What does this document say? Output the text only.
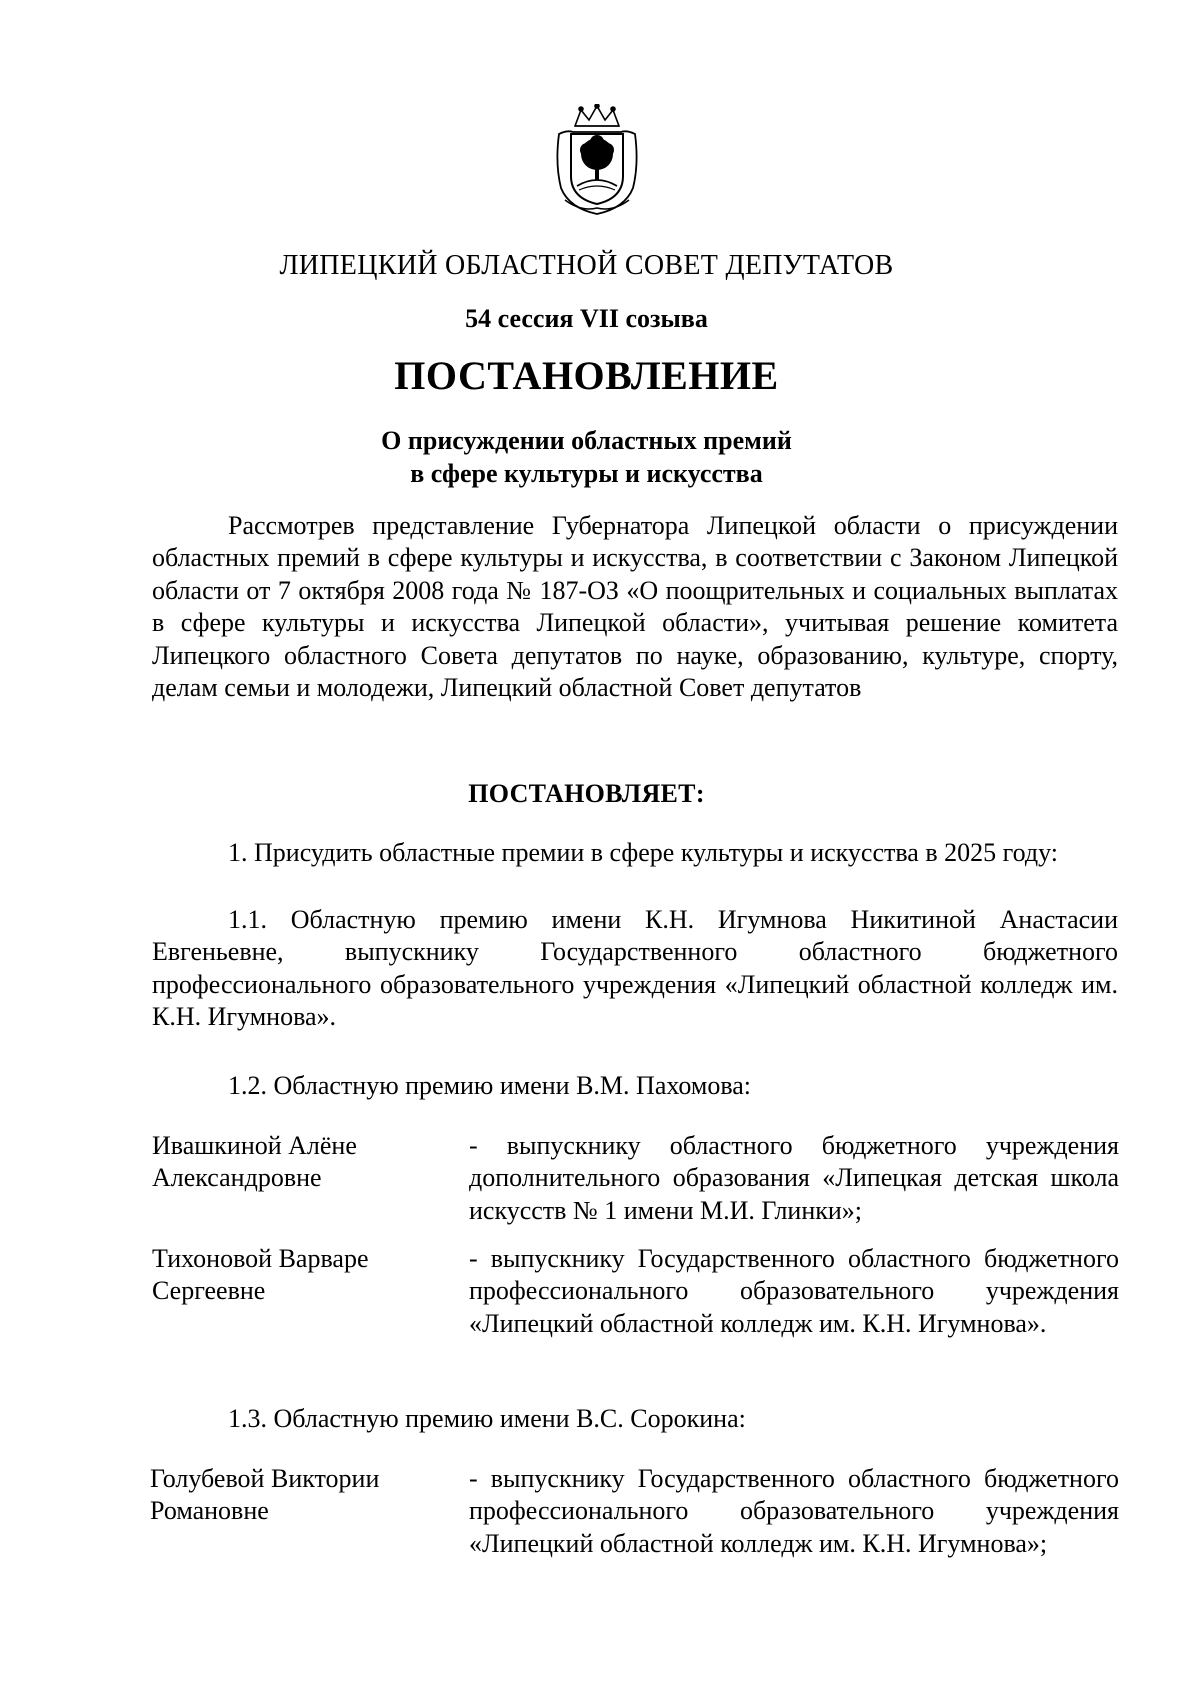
ЛИПЕЦКИЙ ОБЛАСТНОЙ СОВЕТ ДЕПУТАТОВ
54 сессия VII созыва
ПОСТАНОВЛЕНИЕ
О присуждении областных премий
в сфере культуры и искусства
Рассмотрев представление Губернатора Липецкой области о присуждении областных премий в сфере культуры и искусства, в соответствии с Законом Липецкой области от 7 октября 2008 года № 187-ОЗ «О поощрительных и социальных выплатах в сфере культуры и искусства Липецкой области», учитывая решение комитета Липецкого областного Совета депутатов по науке, образованию, культуре, спорту, делам семьи и молодежи, Липецкий областной Совет депутатов
ПОСТАНОВЛЯЕТ:
1. Присудить областные премии в сфере культуры и искусства в 2025 году:
1.1. Областную премию имени К.Н. Игумнова Никитиной Анастасии Евгеньевне, выпускнику Государственного областного бюджетного профессионального образовательного учреждения «Липецкий областной колледж им. К.Н. Игумнова».
1.2. Областную премию имени В.М. Пахомова:
Ивашкиной Алёне Александровне
- выпускнику областного бюджетного учреждения дополнительного образования «Липецкая детская школа искусств № 1 имени М.И. Глинки»;
Тихоновой Варваре Сергеевне
- выпускнику Государственного областного бюджетного профессионального образовательного учреждения «Липецкий областной колледж им. К.Н. Игумнова».
1.3. Областную премию имени В.С. Сорокина:
Голубевой Виктории Романовне
- выпускнику Государственного областного бюджетного профессионального образовательного учреждения «Липецкий областной колледж им. К.Н. Игумнова»;
